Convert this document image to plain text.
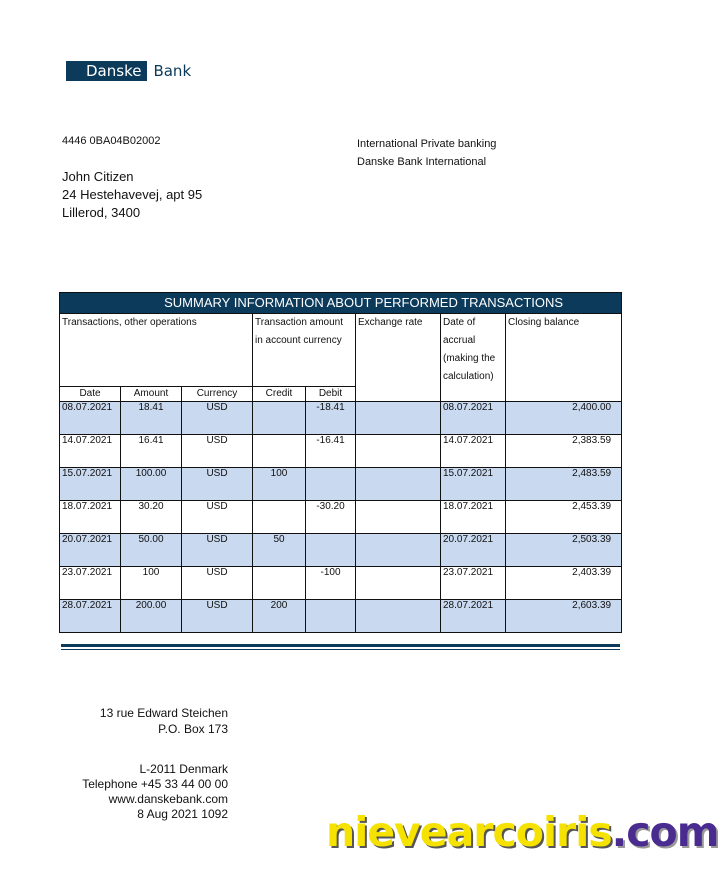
Danske Bank
4446 0BA04B02002	International Private banking
Danske Bank International
John Citizen
24 Hestehavevej, apt 95
Lillerod, 3400
SUMMARY INFORMATION ABOUT PERFORMED TRANSACTIONS							
Transactions, other operations			Transaction amount in account currency		Exchange rate	Date of accrual (making the calculation)	Closing balance
Date	Amount	Currency	Credit	Debit			
08.07.2021	18.41	USD		-18.41		08.07.2021	2,400.00
14.07.2021	16.41	USD		-16.41		14.07.2021	2,383.59
15.07.2021	100.00	USD	100			15.07.2021	2,483.59
18.07.2021	30.20	USD		-30.20		18.07.2021	2,453.39
20.07.2021	50.00	USD	50			20.07.2021	2,503.39
23.07.2021	100	USD		-100		23.07.2021	2,403.39
28.07.2021	200.00	USD	200			28.07.2021	2,603.39
13 rue Edward Steichen
P.O. Box 173
L-2011 Denmark
Telephone +45 33 44 00 00
www.danskebank.com
8 Aug 2021 1092 nievearcoiris.com
